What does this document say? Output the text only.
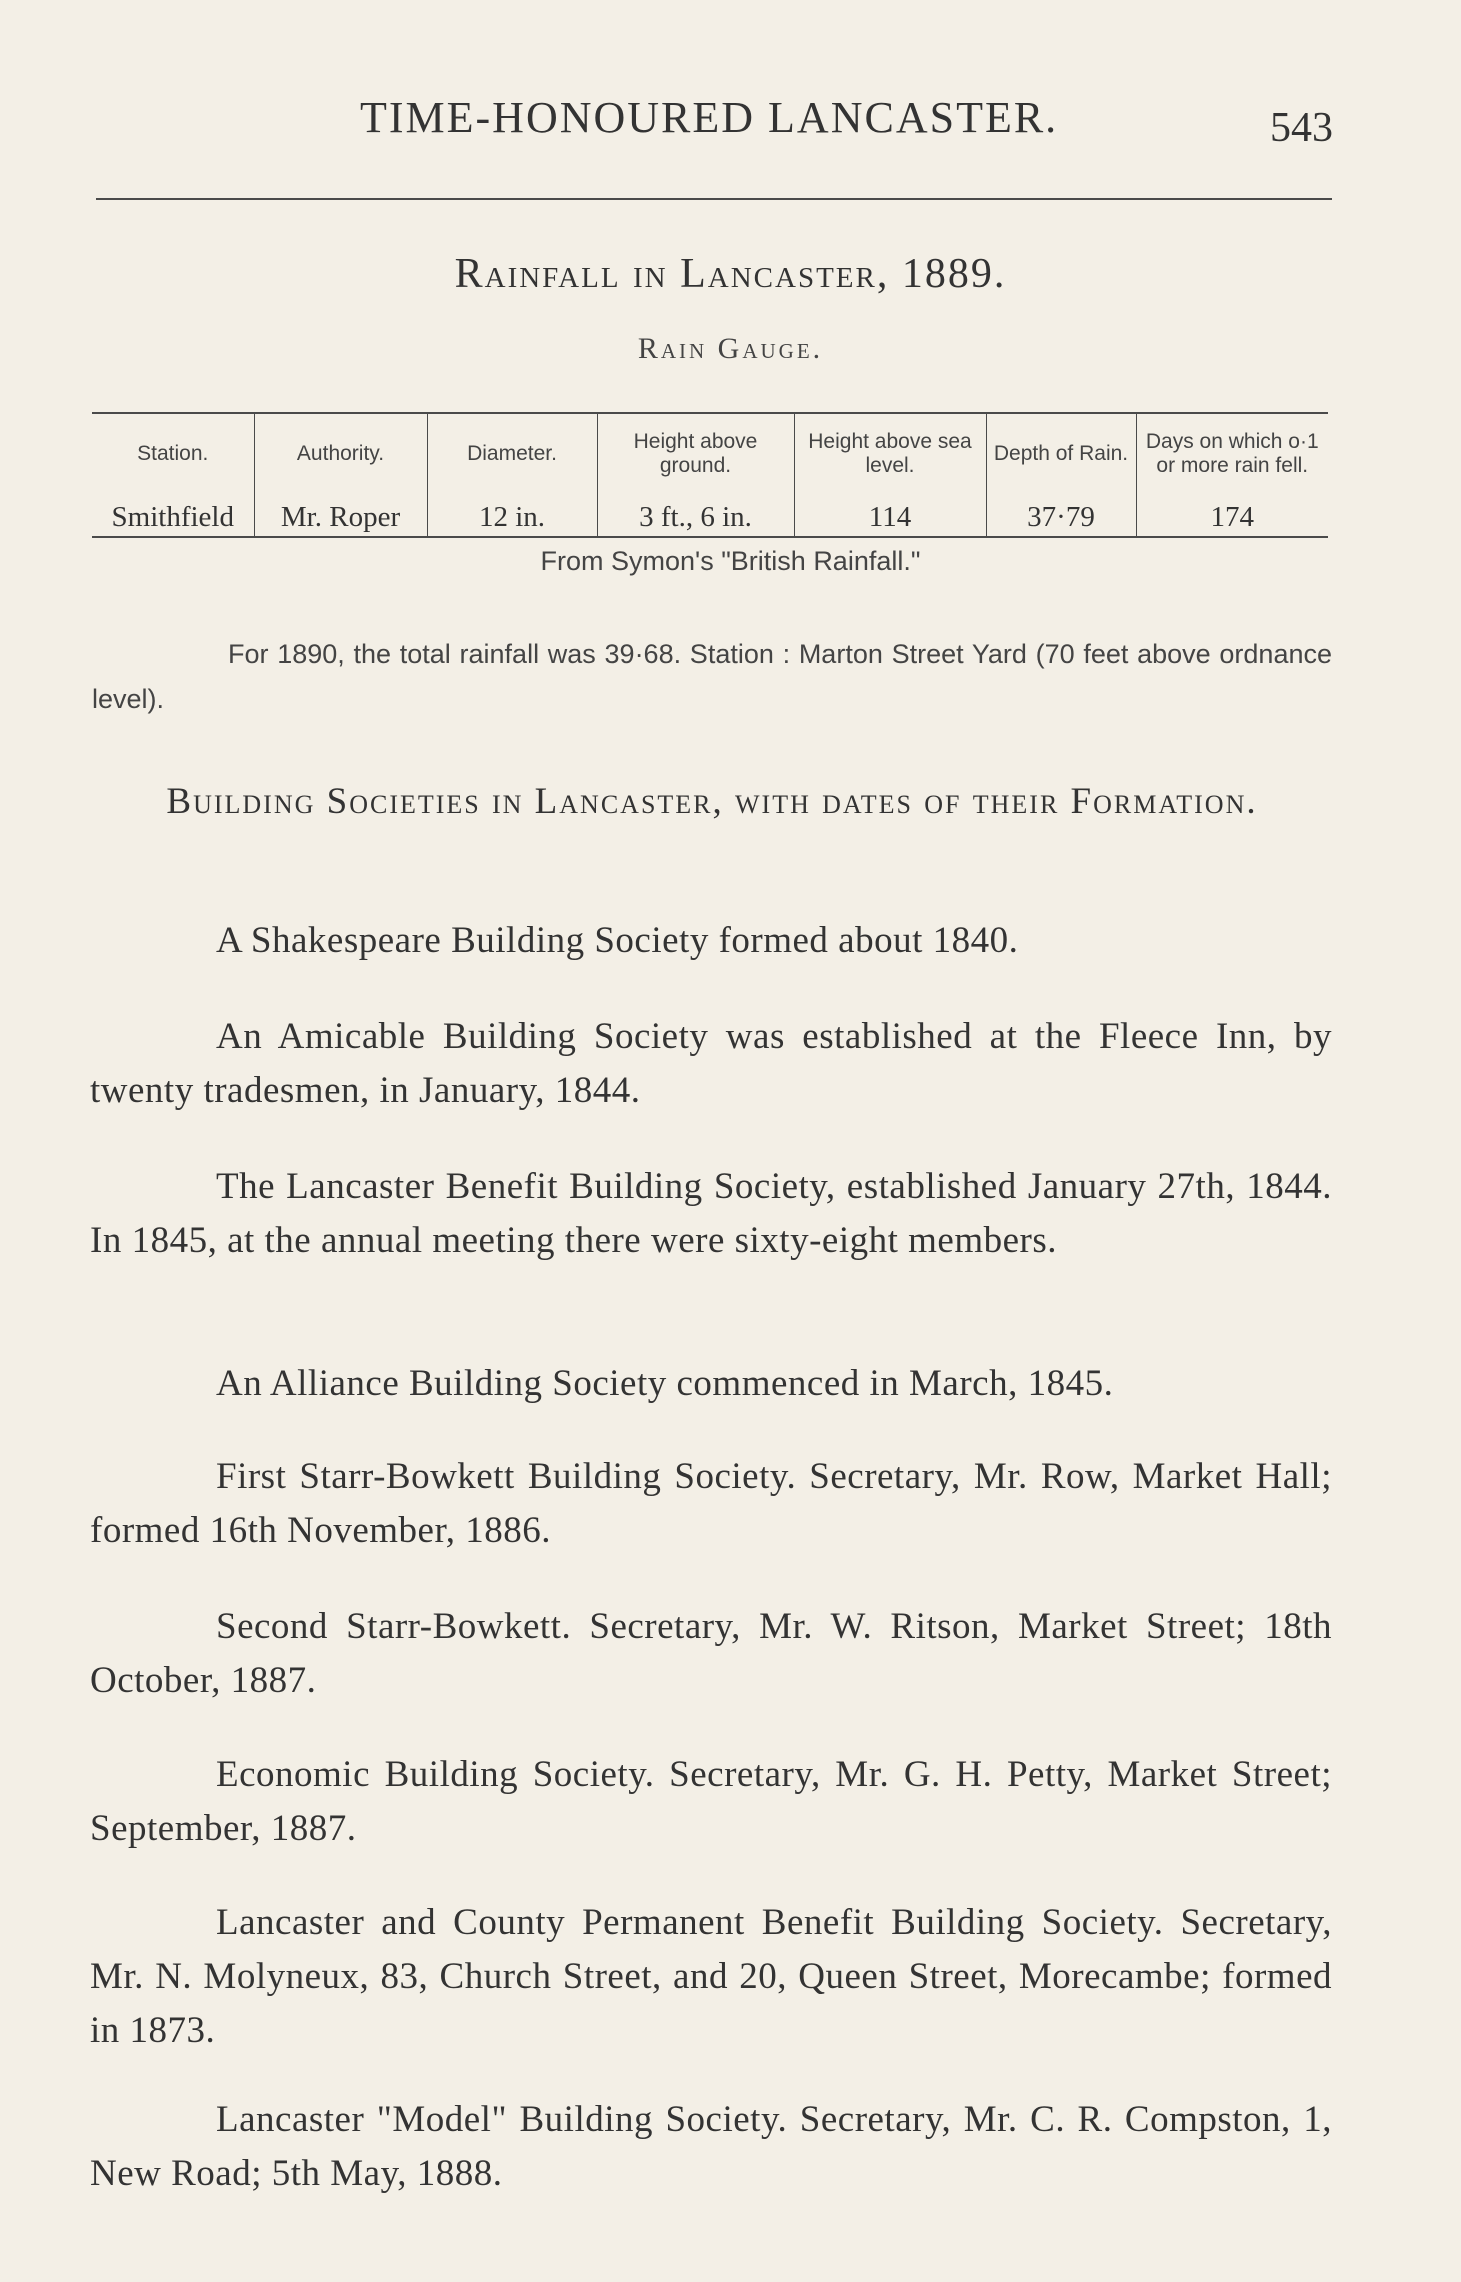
TIME-HONOURED LANCASTER.	543
Rainfall in Lancaster, 1889.
Rain Gauge.
Station.	Authority.	Diameter.	Height above ground.	Height above sea level.	Depth of Rain.	Days on which o·1 or more rain fell.
Smithfield	Mr. Roper	12 in.	3 ft., 6 in.	114	37·79	174
From Symon's "British Rainfall."

For 1890, the total rainfall was 39·68. Station : Marton Street Yard (70 feet above ordnance level).

Building Societies in Lancaster, with dates of their Formation.

A Shakespeare Building Society formed about 1840.

An Amicable Building Society was established at the Fleece Inn, by twenty tradesmen, in January, 1844.

The Lancaster Benefit Building Society, established January 27th, 1844. In 1845, at the annual meeting there were sixty-eight members.

An Alliance Building Society commenced in March, 1845.

First Starr-Bowkett Building Society. Secretary, Mr. Row, Market Hall; formed 16th November, 1886.

Second Starr-Bowkett. Secretary, Mr. W. Ritson, Market Street; 18th October, 1887.

Economic Building Society. Secretary, Mr. G. H. Petty, Market Street; September, 1887.

Lancaster and County Permanent Benefit Building Society. Secretary, Mr. N. Molyneux, 83, Church Street, and 20, Queen Street, Morecambe; formed in 1873.

Lancaster "Model" Building Society. Secretary, Mr. C. R. Compston, 1, New Road; 5th May, 1888.
